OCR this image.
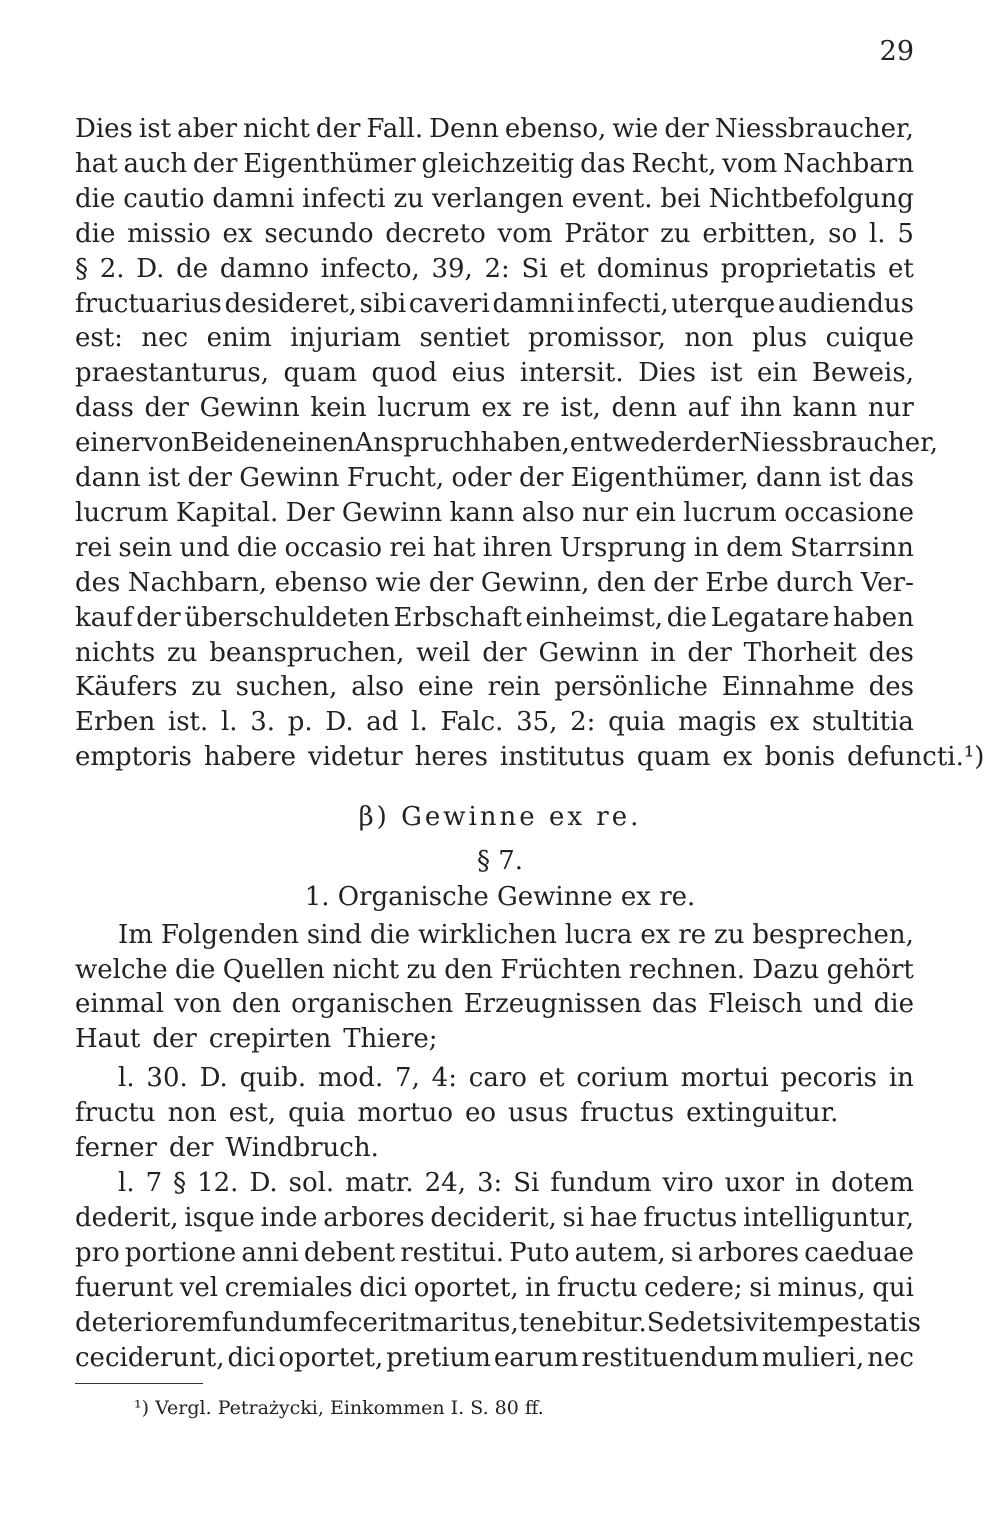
29
Dies ist aber nicht der Fall. Denn ebenso, wie der Niessbraucher,
hat auch der Eigenthümer gleichzeitig das Recht, vom Nachbarn
die cautio damni infecti zu verlangen event. bei Nichtbefolgung
die missio ex secundo decreto vom Prätor zu erbitten, so l. 5
§ 2. D. de damno infecto, 39, 2: Si et dominus proprietatis et
fructuarius desideret, sibi caveri damni infecti, uterque audiendus
est: nec enim injuriam sentiet promissor, non plus cuique
praestanturus, quam quod eius intersit. Dies ist ein Beweis,
dass der Gewinn kein lucrum ex re ist, denn auf ihn kann nur
einer von Beiden einen Anspruch haben, entweder der Niessbraucher,
dann ist der Gewinn Frucht, oder der Eigenthümer, dann ist das
lucrum Kapital. Der Gewinn kann also nur ein lucrum occasione
rei sein und die occasio rei hat ihren Ursprung in dem Starrsinn
des Nachbarn, ebenso wie der Gewinn, den der Erbe durch Ver-
kauf der überschuldeten Erbschaft einheimst, die Legatare haben
nichts zu beanspruchen, weil der Gewinn in der Thorheit des
Käufers zu suchen, also eine rein persönliche Einnahme des
Erben ist. l. 3. p. D. ad l. Falc. 35, 2: quia magis ex stultitia
emptoris habere videtur heres institutus quam ex bonis defuncti.¹)
Im Folgenden sind die wirklichen lucra ex re zu besprechen,
welche die Quellen nicht zu den Früchten rechnen. Dazu gehört
einmal von den organischen Erzeugnissen das Fleisch und die
Haut der crepirten Thiere;
l. 30. D. quib. mod. 7, 4: caro et corium mortui pecoris in
fructu non est, quia mortuo eo usus fructus extinguitur.
ferner der Windbruch.
l. 7 § 12. D. sol. matr. 24, 3: Si fundum viro uxor in dotem
dederit, isque inde arbores deciderit, si hae fructus intelliguntur,
pro portione anni debent restitui. Puto autem, si arbores caeduae
fuerunt vel cremiales dici oportet, in fructu cedere; si minus, qui
deteriorem fundum fecerit maritus, tenebitur. Sed et si vi tempestatis
ceciderunt, dici oportet, pretium earum restituendum mulieri, nec
β) Gewinne ex re.
§ 7.
1. Organische Gewinne ex re.
¹) Vergl. Petrażycki, Einkommen I. S. 80 ff.
